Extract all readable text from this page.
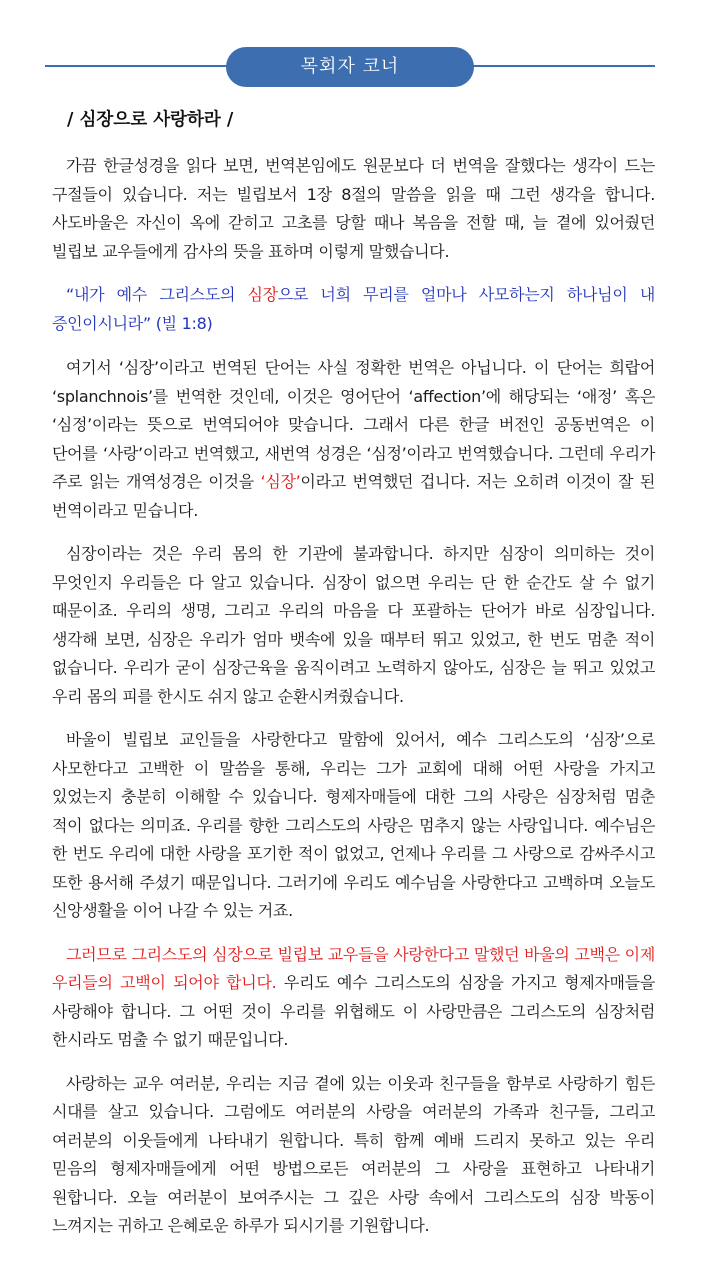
목회자 코너
/ 심장으로 사랑하라 /

가끔 한글성경을 읽다 보면, 번역본임에도 원문보다 더 번역을 잘했다는 생각이 드는 구절들이 있습니다. 저는 빌립보서 1장 8절의 말씀을 읽을 때 그런 생각을 합니다. 사도바울은 자신이 옥에 갇히고 고초를 당할 때나 복음을 전할 때, 늘 곁에 있어줬던 빌립보 교우들에게 감사의 뜻을 표하며 이렇게 말했습니다.

“내가 예수 그리스도의 심장으로 너희 무리를 얼마나 사모하는지 하나님이 내 증인이시니라” (빌 1:8)

여기서 ‘심장’이라고 번역된 단어는 사실 정확한 번역은 아닙니다. 이 단어는 희랍어 ‘splanchnois’를 번역한 것인데, 이것은 영어단어 ‘affection’에 해당되는 ‘애정’ 혹은 ‘심정’이라는 뜻으로 번역되어야 맞습니다. 그래서 다른 한글 버전인 공동번역은 이 단어를 ‘사랑’이라고 번역했고, 새번역 성경은 ‘심정’이라고 번역했습니다. 그런데 우리가 주로 읽는 개역성경은 이것을 ‘심장’이라고 번역했던 겁니다. 저는 오히려 이것이 잘 된 번역이라고 믿습니다.

심장이라는 것은 우리 몸의 한 기관에 불과합니다. 하지만 심장이 의미하는 것이 무엇인지 우리들은 다 알고 있습니다. 심장이 없으면 우리는 단 한 순간도 살 수 없기 때문이죠. 우리의 생명, 그리고 우리의 마음을 다 포괄하는 단어가 바로 심장입니다. 생각해 보면, 심장은 우리가 엄마 뱃속에 있을 때부터 뛰고 있었고, 한 번도 멈춘 적이 없습니다. 우리가 굳이 심장근육을 움직이려고 노력하지 않아도, 심장은 늘 뛰고 있었고 우리 몸의 피를 한시도 쉬지 않고 순환시켜줬습니다.

바울이 빌립보 교인들을 사랑한다고 말함에 있어서, 예수 그리스도의 ‘심장’으로 사모한다고 고백한 이 말씀을 통해, 우리는 그가 교회에 대해 어떤 사랑을 가지고 있었는지 충분히 이해할 수 있습니다. 형제자매들에 대한 그의 사랑은 심장처럼 멈춘 적이 없다는 의미죠. 우리를 향한 그리스도의 사랑은 멈추지 않는 사랑입니다. 예수님은 한 번도 우리에 대한 사랑을 포기한 적이 없었고, 언제나 우리를 그 사랑으로 감싸주시고 또한 용서해 주셨기 때문입니다. 그러기에 우리도 예수님을 사랑한다고 고백하며 오늘도 신앙생활을 이어 나갈 수 있는 거죠.

그러므로 그리스도의 심장으로 빌립보 교우들을 사랑한다고 말했던 바울의 고백은 이제 우리들의 고백이 되어야 합니다. 우리도 예수 그리스도의 심장을 가지고 형제자매들을 사랑해야 합니다. 그 어떤 것이 우리를 위협해도 이 사랑만큼은 그리스도의 심장처럼 한시라도 멈출 수 없기 때문입니다.

사랑하는 교우 여러분, 우리는 지금 곁에 있는 이웃과 친구들을 함부로 사랑하기 힘든 시대를 살고 있습니다. 그럼에도 여러분의 사랑을 여러분의 가족과 친구들, 그리고 여러분의 이웃들에게 나타내기 원합니다. 특히 함께 예배 드리지 못하고 있는 우리 믿음의 형제자매들에게 어떤 방법으로든 여러분의 그 사랑을 표현하고 나타내기 원합니다. 오늘 여러분이 보여주시는 그 깊은 사랑 속에서 그리스도의 심장 박동이 느껴지는 귀하고 은혜로운 하루가 되시기를 기원합니다.
